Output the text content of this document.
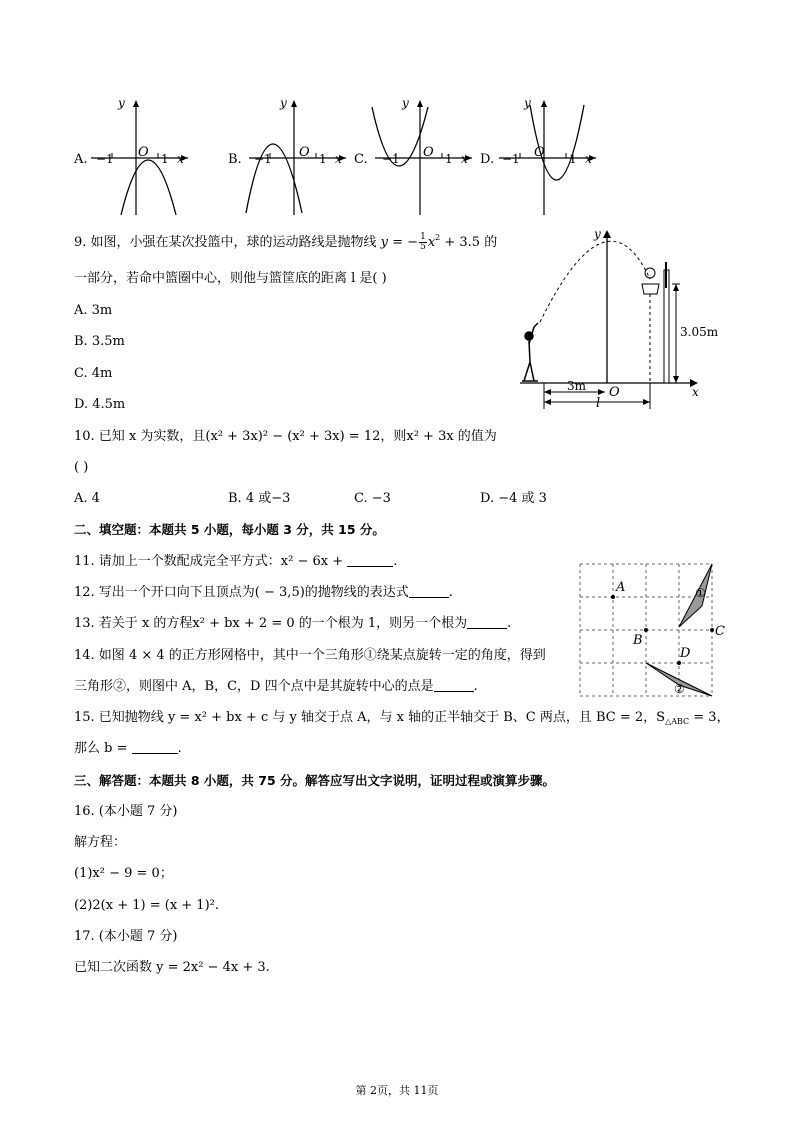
A.	B.	C.	D.
y
−1 O 1 x
y
−1 O 1 x
y
−1 O 1 x
y
−1 O 1 x
9. 如图，小强在某次投篮中，球的运动路线是抛物线 y = − $\frac{1}{5} x^2 + 3.5$ 的
一部分，若命中篮圈中心，则他与篮筐底的距离 l 是( )
A. 3m
B. 3.5m
C. 4m
D. 4.5m
3.05m
3m O
l
y
x
10. 已知 x 为实数，且(x² + 3x)² − (x² + 3x) = 12，则x² + 3x 的值为
( )
A. 4	B. 4 或−3	C. −3	D. −4 或 3
二、填空题：本题共 5 小题，每小题 3 分，共 15 分。
11. 请加上一个数配成完全平方式：x² − 6x +	.
12. 写出一个开口向下且顶点为( − 3,5)的抛物线的表达式	.
13. 若关于 x 的方程x² + bx + 2 = 0 的一个根为 1，则另一个根为	.
14. 如图 4 × 4 的正方形网格中，其中一个三角形①绕某点旋转一定的角度，得到
三角形②，则图中 A，B，C，D 四个点中是其旋转中心的点是	.
A
B
C
D
①
②
15. 已知抛物线 y = x² + bx + c 与 y 轴交于点 A，与 x 轴的正半轴交于 B、C 两点，且 BC = 2，$S_{\triangle ABC} = 3$，
那么 b =	.
三、解答题：本题共 8 小题，共 75 分。解答应写出文字说明，证明过程或演算步骤。
16. (本小题 7 分)
解方程：
(1)x² − 9 = 0；
(2)2(x + 1) = (x + 1)².
17. (本小题 7 分)
已知二次函数 y = 2x² − 4x + 3.
第 2页，共 11页
